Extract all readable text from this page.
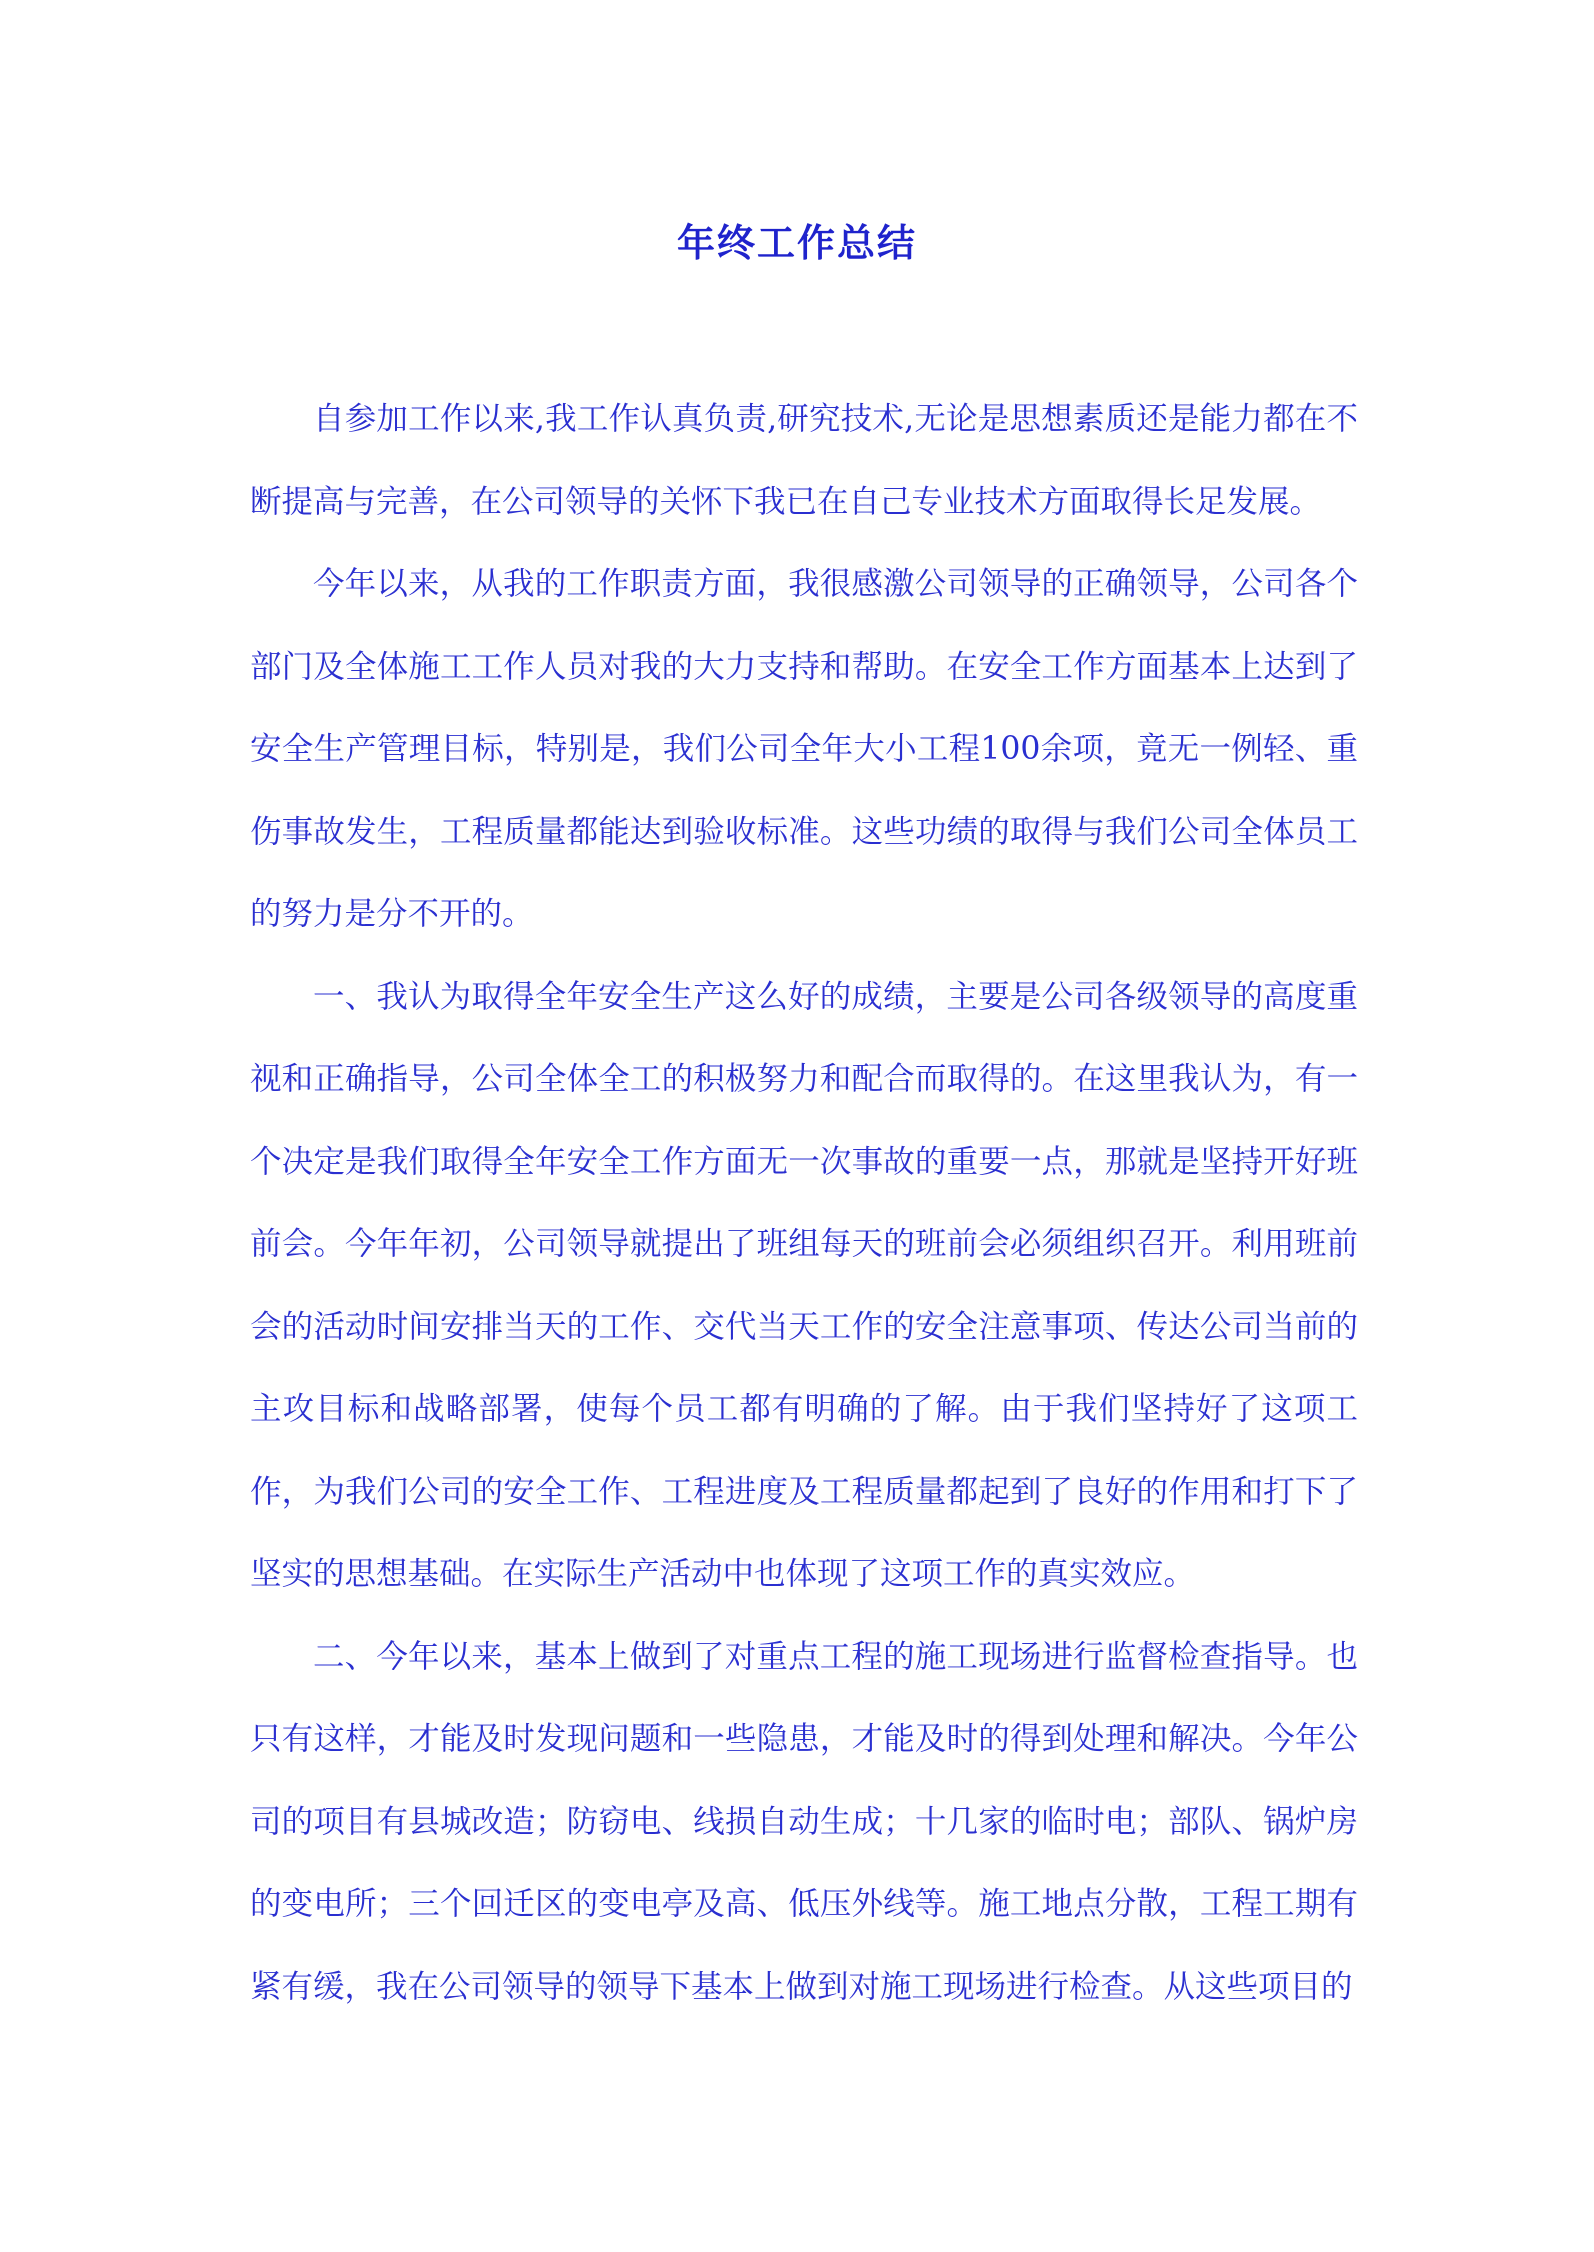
年终工作总结

自参加工作以来,我工作认真负责,研究技术,无论是思想素质还是能力都在不断提高与完善，在公司领导的关怀下我已在自己专业技术方面取得长足发展。

今年以来，从我的工作职责方面，我很感激公司领导的正确领导，公司各个部门及全体施工工作人员对我的大力支持和帮助。在安全工作方面基本上达到了安全生产管理目标，特别是，我们公司全年大小工程100余项，竟无一例轻、重伤事故发生，工程质量都能达到验收标准。这些功绩的取得与我们公司全体员工的努力是分不开的。

一、我认为取得全年安全生产这么好的成绩，主要是公司各级领导的高度重视和正确指导，公司全体全工的积极努力和配合而取得的。在这里我认为，有一个决定是我们取得全年安全工作方面无一次事故的重要一点，那就是坚持开好班前会。今年年初，公司领导就提出了班组每天的班前会必须组织召开。利用班前会的活动时间安排当天的工作、交代当天工作的安全注意事项、传达公司当前的主攻目标和战略部署，使每个员工都有明确的了解。由于我们坚持好了这项工作，为我们公司的安全工作、工程进度及工程质量都起到了良好的作用和打下了坚实的思想基础。在实际生产活动中也体现了这项工作的真实效应。

二、今年以来，基本上做到了对重点工程的施工现场进行监督检查指导。也只有这样，才能及时发现问题和一些隐患，才能及时的得到处理和解决。今年公司的项目有县城改造；防窃电、线损自动生成；十几家的临时电；部队、锅炉房的变电所；三个回迁区的变电亭及高、低压外线等。施工地点分散，工程工期有紧有缓，我在公司领导的领导下基本上做到对施工现场进行检查。从这些项目的
